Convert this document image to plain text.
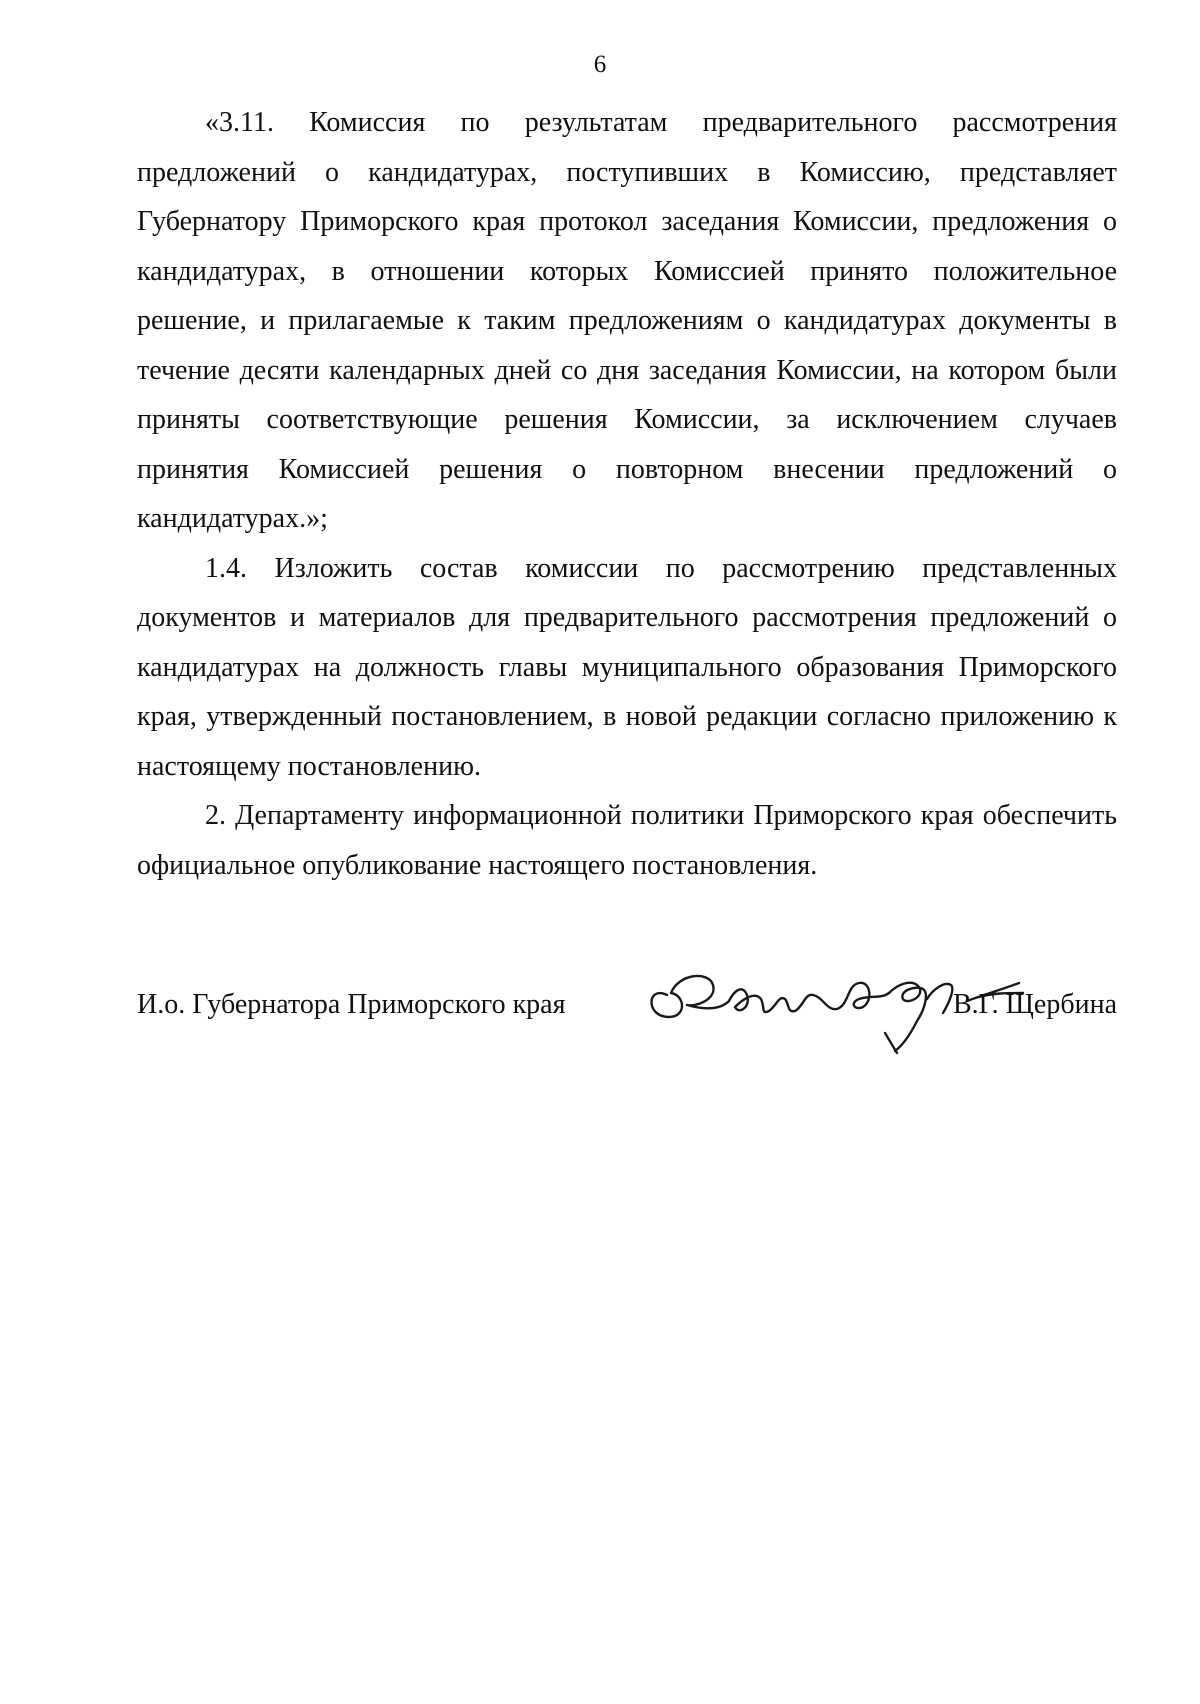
6

«3.11. Комиссия по результатам предварительного рассмотрения предложений о кандидатурах, поступивших в Комиссию, представляет Губернатору Приморского края протокол заседания Комиссии, предложения о кандидатурах, в отношении которых Комиссией принято положительное решение, и прилагаемые к таким предложениям о кандидатурах документы в течение десяти календарных дней со дня заседания Комиссии, на котором были приняты соответствующие решения Комиссии, за исключением случаев принятия Комиссией решения о повторном внесении предложений о кандидатурах.»;

1.4. Изложить состав комиссии по рассмотрению представленных документов и материалов для предварительного рассмотрения предложений о кандидатурах на должность главы муниципального образования Приморского края, утвержденный постановлением, в новой редакции согласно приложению к настоящему постановлению.

2. Департаменту информационной политики Приморского края обеспечить официальное опубликование настоящего постановления.

И.о. Губернатора Приморского края	В.Г. Щербина
